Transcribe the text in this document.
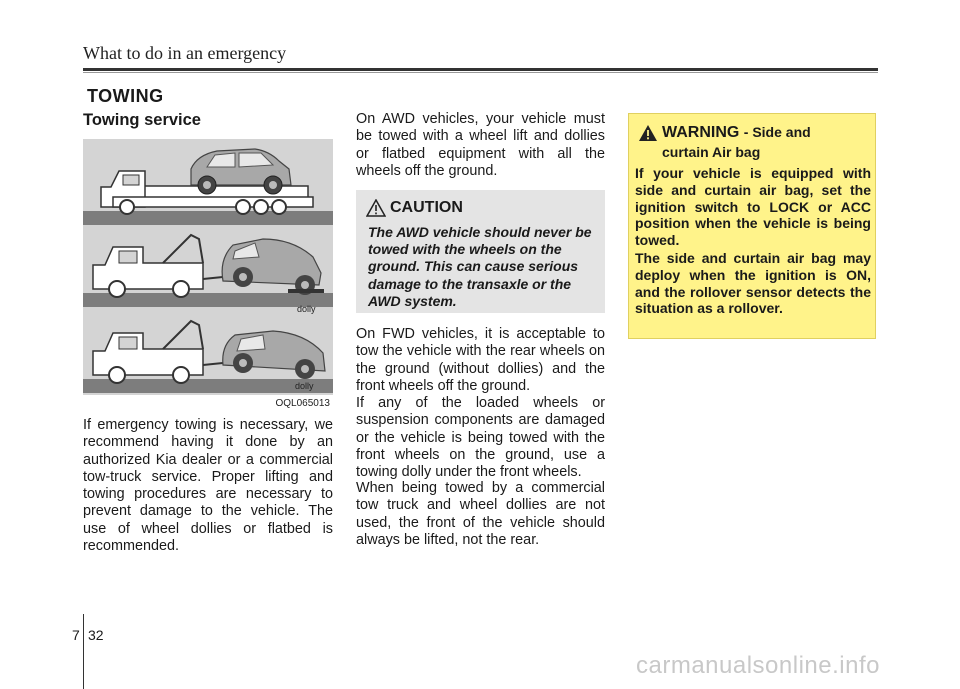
What to do in an emergency
TOWING
Towing service
dolly
dolly
OQL065013

If emergency towing is necessary, we recommend having it done by an authorized Kia dealer or a commercial tow-truck service. Proper lifting and towing procedures are necessary to prevent damage to the vehicle. The use of wheel dollies or flatbed is recommended.

On AWD vehicles, your vehicle must be towed with a wheel lift and dollies or flatbed equipment with all the wheels off the ground.

CAUTION

The AWD vehicle should never be towed with the wheels on the ground. This can cause serious damage to the transaxle or the AWD system.

On FWD vehicles, it is acceptable to tow the vehicle with the rear wheels on the ground (without dollies) and the front wheels off the ground.

If any of the loaded wheels or suspension components are damaged or the vehicle is being towed with the front wheels on the ground, use a towing dolly under the front wheels.

When being towed by a commercial tow truck and wheel dollies are not used, the front of the vehicle should always be lifted, not the rear.

WARNING - Side and
curtain Air bag

If your vehicle is equipped with side and curtain air bag, set the ignition switch to LOCK or ACC position when the vehicle is being towed.

The side and curtain air bag may deploy when the ignition is ON, and the rollover sensor detects the situation as a rollover.

7 32
carmanualsonline.info
